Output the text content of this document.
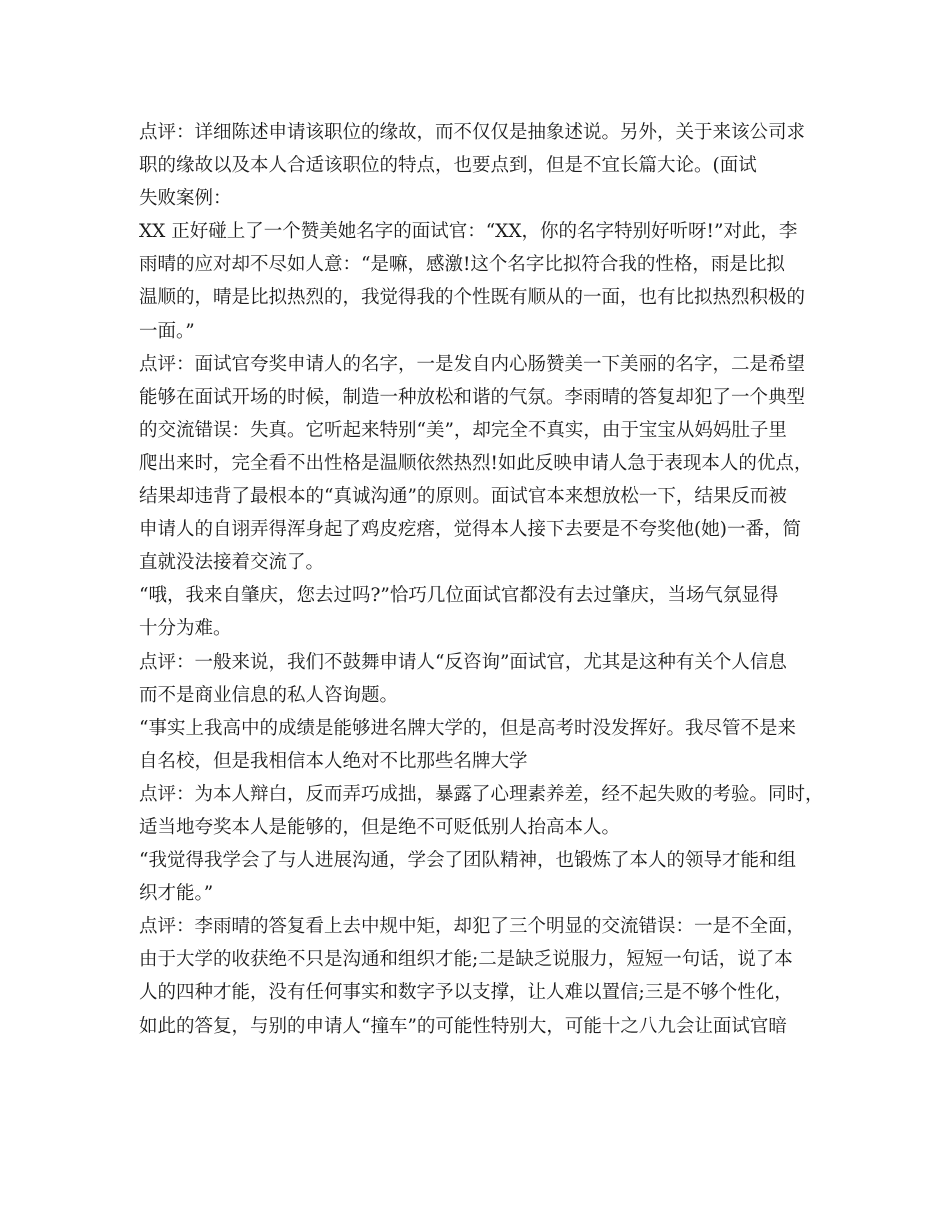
点评：详细陈述申请该职位的缘故，而不仅仅是抽象述说。另外，关于来该公司求
职的缘故以及本人合适该职位的特点，也要点到，但是不宜长篇大论。(面试
失败案例：
XX 正好碰上了一个赞美她名字的面试官：“XX，你的名字特别好听呀!”对此，李
雨晴的应对却不尽如人意：“是嘛，感激!这个名字比拟符合我的性格，雨是比拟
温顺的，晴是比拟热烈的，我觉得我的个性既有顺从的一面，也有比拟热烈积极的
一面。”
点评：面试官夸奖申请人的名字，一是发自内心肠赞美一下美丽的名字，二是希望
能够在面试开场的时候，制造一种放松和谐的气氛。李雨晴的答复却犯了一个典型
的交流错误：失真。它听起来特别“美”，却完全不真实，由于宝宝从妈妈肚子里
爬出来时，完全看不出性格是温顺依然热烈!如此反映申请人急于表现本人的优点，
结果却违背了最根本的“真诚沟通”的原则。面试官本来想放松一下，结果反而被
申请人的自诩弄得浑身起了鸡皮疙瘩，觉得本人接下去要是不夸奖他(她)一番，简
直就没法接着交流了。
“哦，我来自肇庆，您去过吗?”恰巧几位面试官都没有去过肇庆，当场气氛显得
十分为难。
点评：一般来说，我们不鼓舞申请人“反咨询”面试官，尤其是这种有关个人信息
而不是商业信息的私人咨询题。
“事实上我高中的成绩是能够进名牌大学的，但是高考时没发挥好。我尽管不是来
自名校，但是我相信本人绝对不比那些名牌大学
点评：为本人辩白，反而弄巧成拙，暴露了心理素养差，经不起失败的考验。同时，
适当地夸奖本人是能够的，但是绝不可贬低别人抬高本人。
“我觉得我学会了与人进展沟通，学会了团队精神，也锻炼了本人的领导才能和组
织才能。”
点评：李雨晴的答复看上去中规中矩，却犯了三个明显的交流错误：一是不全面，
由于大学的收获绝不只是沟通和组织才能;二是缺乏说服力，短短一句话，说了本
人的四种才能，没有任何事实和数字予以支撑，让人难以置信;三是不够个性化，
如此的答复，与别的申请人“撞车”的可能性特别大，可能十之八九会让面试官暗
